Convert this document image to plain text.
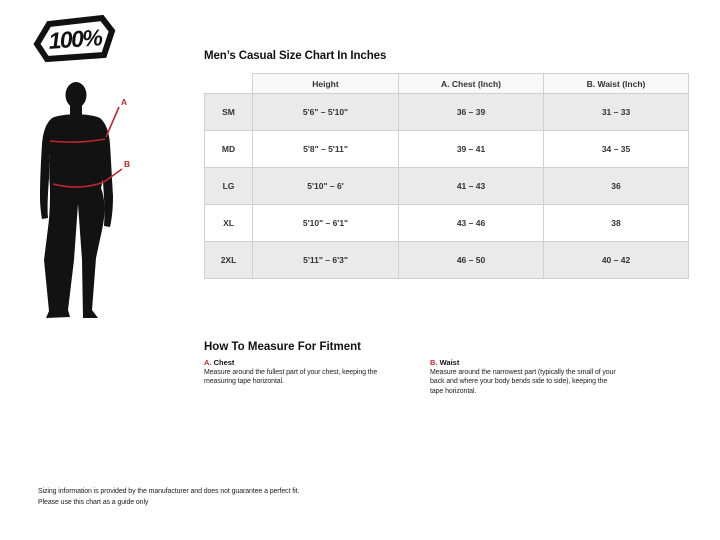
100%
A
B
Men’s Casual Size Chart In Inches
	Height	A. Chest (Inch)	B. Waist (Inch)
SM	5'6" – 5'10"	36 – 39	31 – 33
MD	5'8" – 5'11"	39 – 41	34 – 35
LG	5'10" – 6'	41 – 43	36
XL	5'10" – 6'1"	43 – 46	38
2XL	5'11" – 6'3"	46 – 50	40 – 42
How To Measure For Fitment
A. Chest
Measure around the fullest part of your chest, keeping the measuring tape horizontal.
B. Waist
Measure around the narrowest part (typically the small of your back and where your body bends side to side), keeping the tape horizontal.
Sizing information is provided by the manufacturer and does not guarantee a perfect fit.
Please use this chart as a guide only
